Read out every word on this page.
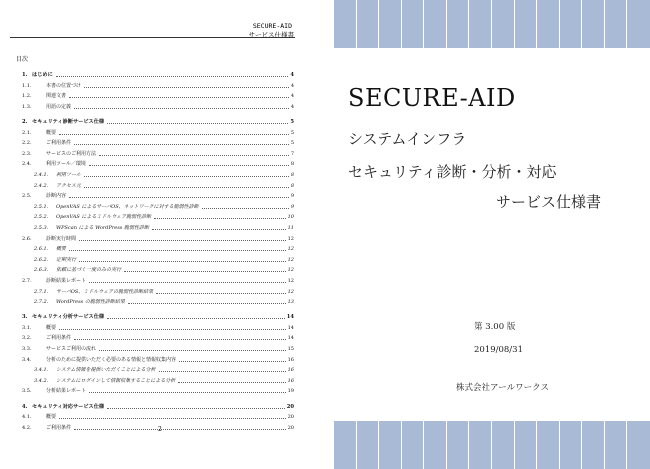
SECURE-AID
サービス仕様書
目次
1. はじめに	4
1.1.	本書の位置づけ	4
1.2.	関連文書	4
1.3.	用語の定義	4
2. セキュリティ診断サービス仕様	5
2.1.	概要	5
2.2.	ご利用条件	5
2.3.	サービスのご利用方法	7
2.4.	利用ツール／環境	8
2.4.1.	利用ツール	8
2.4.2.	アクセス元	8
2.5.	診断内容	9
2.5.1.	OpenVAS によるサーバOS、ネットワークに対する脆弱性診断	9
2.5.2.	OpenVAS によるミドルウェア脆弱性診断	10
2.5.3.	WPScan による WordPress 脆弱性診断	11
2.6.	診断実行時間	12
2.6.1.	概要	12
2.6.2.	定期実行	12
2.6.3.	依頼に基づく一度のみの実行	12
2.7.	診断結果レポート	12
2.7.1.	サーバOS、ミドルウェアの脆弱性診断結果	12
2.7.2.	WordPress の脆弱性診断結果	13
3. セキュリティ分析サービス仕様	14
3.1.	概要	14
3.2.	ご利用条件	14
3.3.	サービスご利用の流れ	15
3.4.	分析のために提供いただく必要のある情報と情報収集内容	16
3.4.1.	システム情報を提供いただくことによる分析	16
3.4.2.	システムにログインして情報収集することによる分析	16
3.5.	分析結果レポート	19
4. セキュリティ対応サービス仕様	20
4.1.	概要	20
4.2.	ご利用条件	20
2
SECURE-AID
システムインフラ
セキュリティ診断・分析・対応
サービス仕様書
第 3.00 版
2019/08/31
株式会社アールワークス
